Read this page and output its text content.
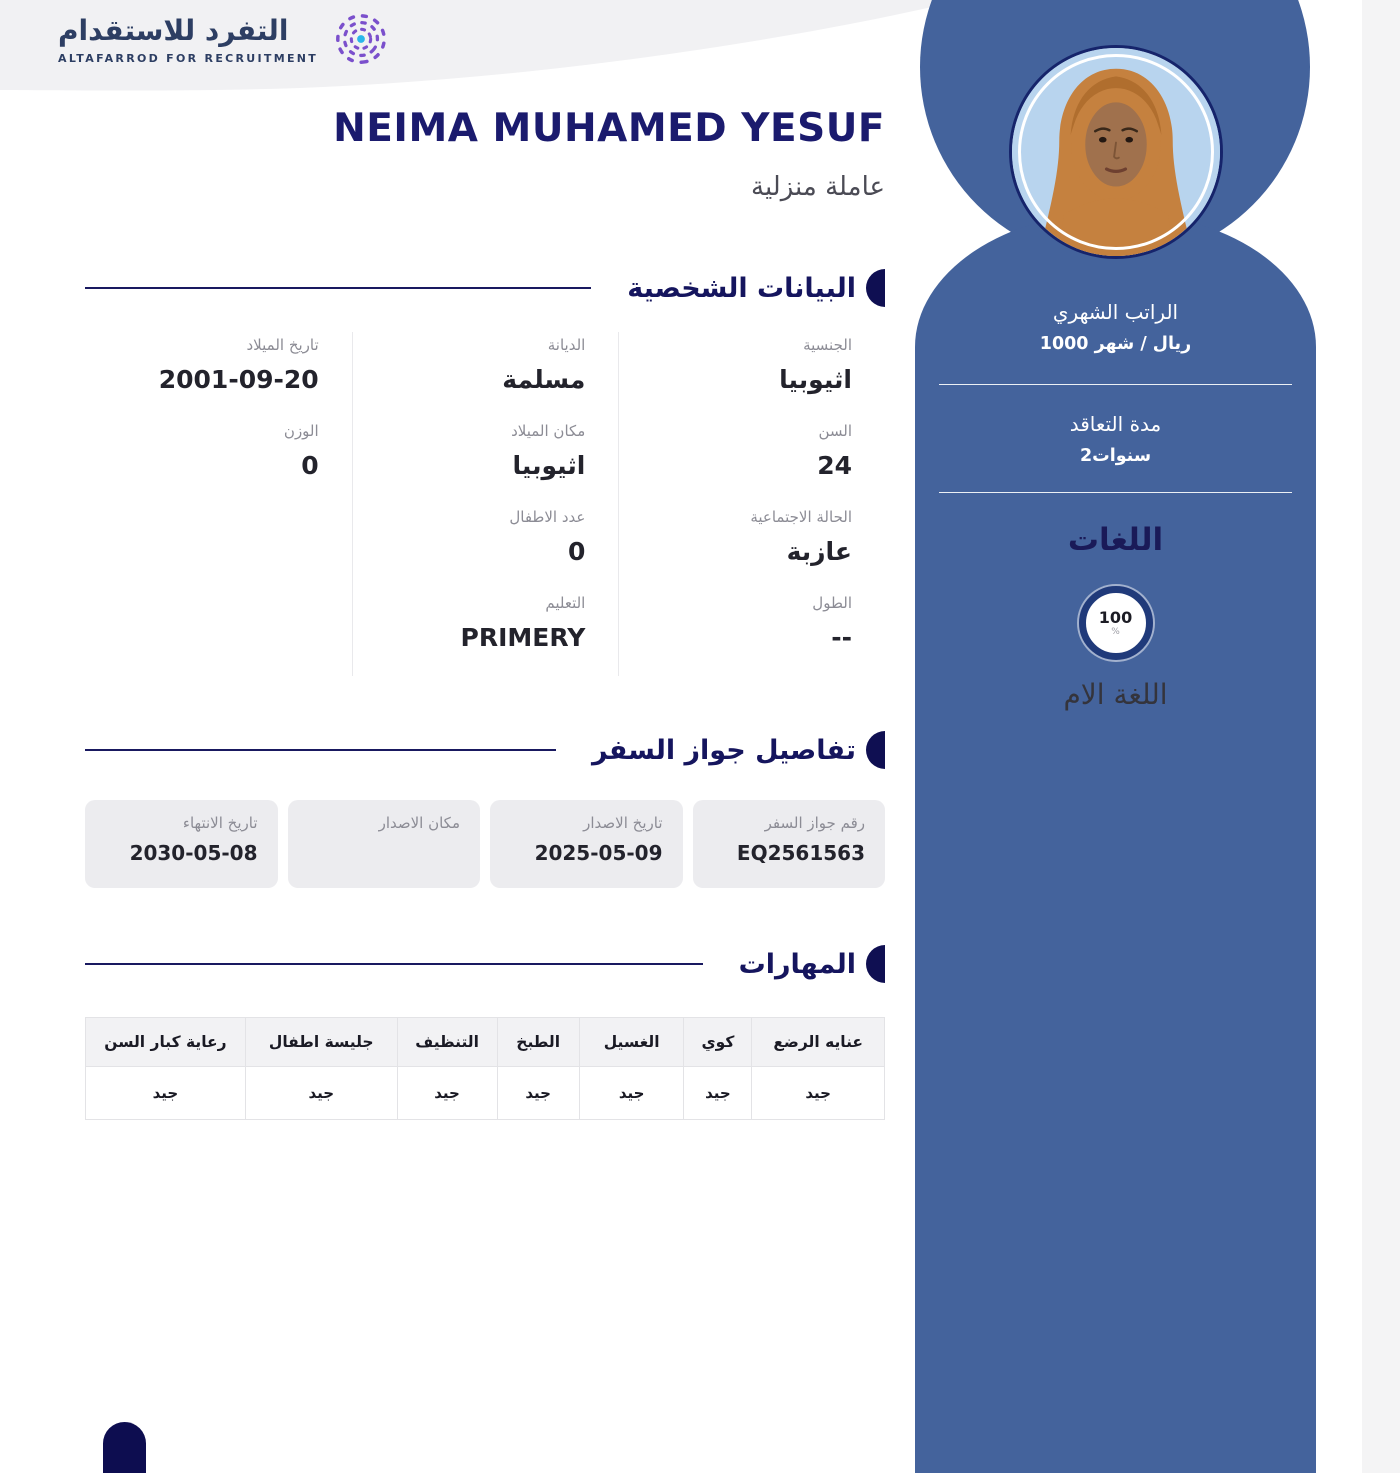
التفرد للاستقدام
ALTAFARROD FOR RECRUITMENT
NEIMA MUHAMED YESUF
عاملة منزلية
البيانات الشخصية
الجنسية
اثيوبيا
الديانة
مسلمة
تاريخ الميلاد
2001-09-20
السن
24
مكان الميلاد
اثيوبيا
الوزن
0
الحالة الاجتماعية
عازبة
عدد الاطفال
0
الطول
--
التعليم
PRIMERY
تفاصيل جواز السفر
رقم جواز السفر
EQ2561563
تاريخ الاصدار
2025-05-09
مكان الاصدار
تاريخ الانتهاء
2030-05-08
المهارات
عنايه الرضع	كوي	الغسيل	الطبخ	التنظيف	جليسة اطفال	رعاية كبار السن
جيد	جيد	جيد	جيد	جيد	جيد	جيد
الراتب الشهري
1000 ريال / شهر
مدة التعاقد
2سنوات
اللغات
100
%
اللغة الام
